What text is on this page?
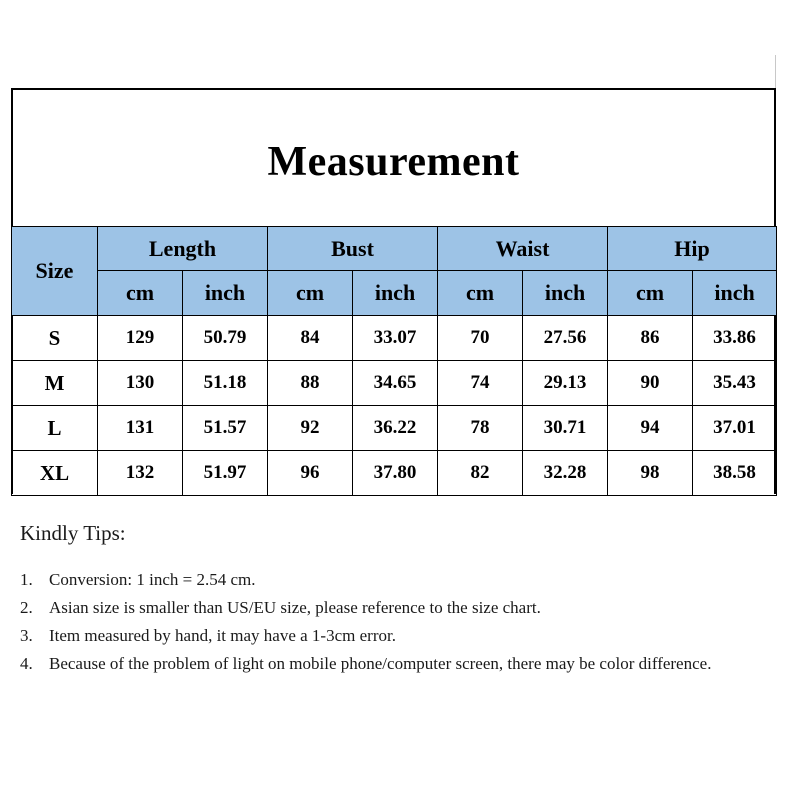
Measurement
Size	Length		Bust		Waist		Hip	
	cm	inch	cm	inch	cm	inch	cm	inch
S	129	50.79	84	33.07	70	27.56	86	33.86
M	130	51.18	88	34.65	74	29.13	90	35.43
L	131	51.57	92	36.22	78	30.71	94	37.01
XL	132	51.97	96	37.80	82	32.28	98	38.58
Kindly Tips:
1. Conversion: 1 inch = 2.54 cm.
2. Asian size is smaller than US/EU size, please reference to the size chart.
3. Item measured by hand, it may have a 1-3cm error.
4. Because of the problem of light on mobile phone/computer screen, there may be color difference.
